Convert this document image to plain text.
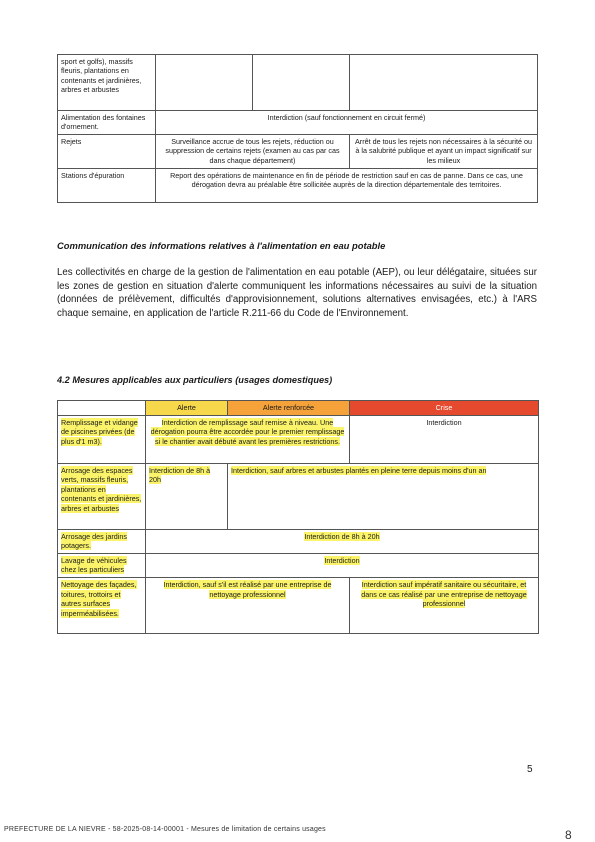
sport et golfs), massifs fleuris, plantations en contenants et jardinières, arbres et arbustes			
Alimentation des fontaines d'ornement.	Interdiction (sauf fonctionnement en circuit fermé)		
Rejets	Surveillance accrue de tous les rejets, réduction ou suppression de certains rejets (examen au cas par cas dans chaque département)		Arrêt de tous les rejets non nécessaires à la sécurité ou à la salubrité publique et ayant un impact significatif sur les milieux
Stations d'épuration	Report des opérations de maintenance en fin de période de restriction sauf en cas de panne. Dans ce cas, une dérogation devra au préalable être sollicitée auprès de la direction départementale des territoires.		
Communication des informations relatives à l'alimentation en eau potable
Les collectivités en charge de la gestion de l'alimentation en eau potable (AEP), ou leur délégataire, situées sur les zones de gestion en situation d'alerte communiquent les informations nécessaires au suivi de la situation (données de prélèvement, difficultés d'approvisionnement, solutions alternatives envisagées, etc.) à l'ARS chaque semaine, en application de l'article R.211-66 du Code de l'Environnement.
4.2 Mesures applicables aux particuliers (usages domestiques)
	Alerte	Alerte renforcée	Crise
Remplissage et vidange de piscines privées (de plus d'1 m3).	Interdiction de remplissage sauf remise à niveau. Une dérogation pourra être accordée pour le premier remplissage si le chantier avait débuté avant les premières restrictions.		Interdiction
Arrosage des espaces verts, massifs fleuris, plantations en contenants et jardinières, arbres et arbustes	Interdiction de 8h à 20h	Interdiction, sauf arbres et arbustes plantés en pleine terre depuis moins d'un an	
Arrosage des jardins potagers.	Interdiction de 8h à 20h		
Lavage de véhicules chez les particuliers	Interdiction		
Nettoyage des façades, toitures, trottoirs et autres surfaces imperméabilisées.	Interdiction, sauf s'il est réalisé par une entreprise de nettoyage professionnel		Interdiction sauf impératif sanitaire ou sécuritaire, et dans ce cas réalisé par une entreprise de nettoyage professionnel
5
PREFECTURE DE LA NIEVRE - 58-2025-08-14-00001 - Mesures de limitation de certains usages	8
